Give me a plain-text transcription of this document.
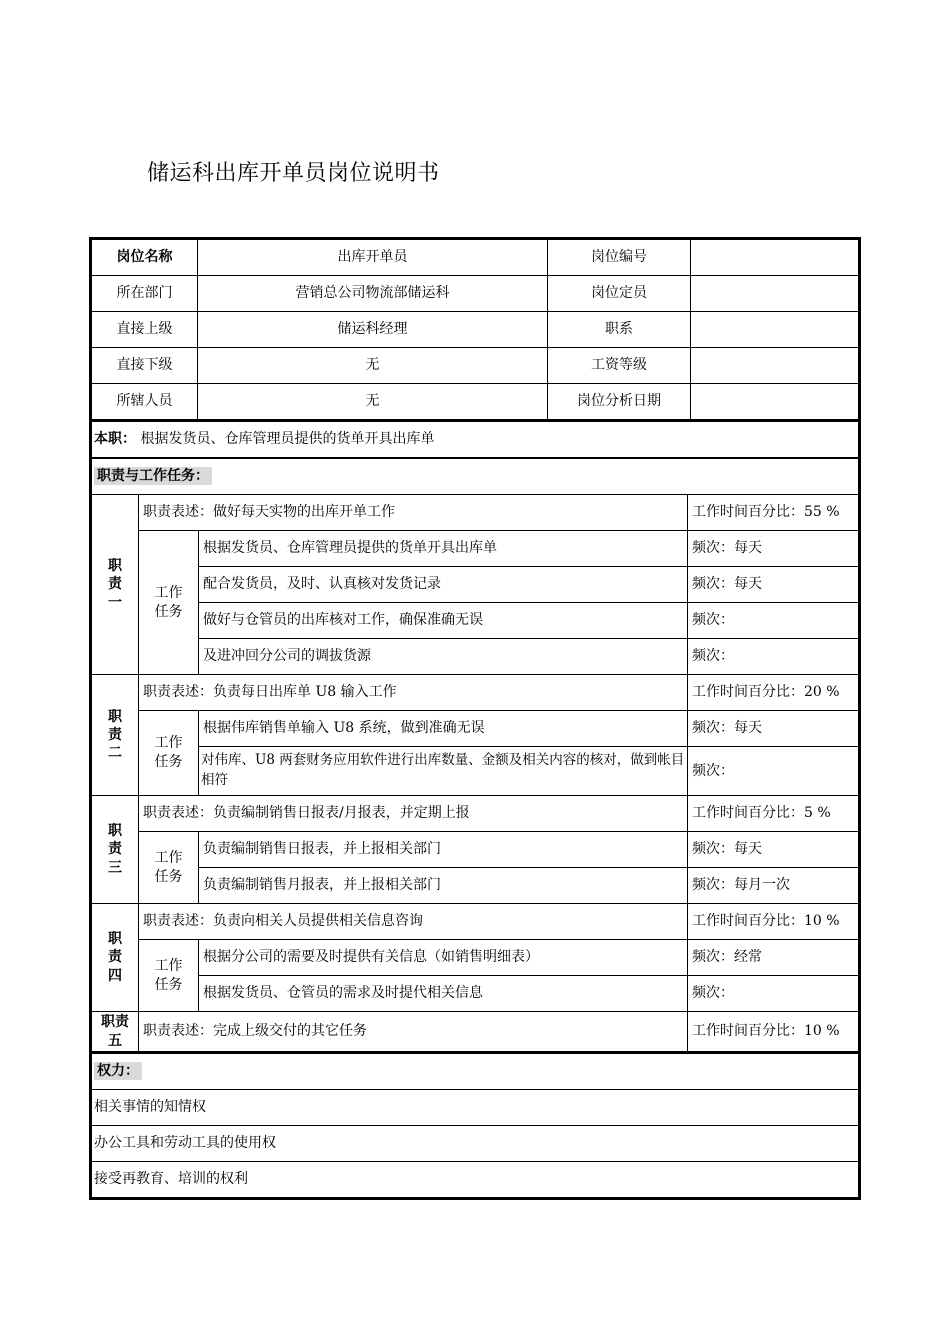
储运科出库开单员岗位说明书
岗位名称	出库开单员	岗位编号	
所在部门	营销总公司物流部储运科	岗位定员	
直接上级	储运科经理	职系	
直接下级	无	工资等级	
所辖人员	无	岗位分析日期	
本职： 根据发货员、仓库管理员提供的货单开具出库单			
职责与工作任务：			
职责一	职责表述：做好每天实物的出库开单工作		工作时间百分比：55 %
	工作任务	根据发货员、仓库管理员提供的货单开具出库单	频次：每天
		配合发货员，及时、认真核对发货记录	频次：每天
		做好与仓管员的出库核对工作，确保准确无误	频次：
		及进冲回分公司的调拔货源	频次：
职责二	职责表述：负责每日出库单 U8 输入工作		工作时间百分比：20 %
	工作任务	根据伟库销售单输入 U8 系统，做到准确无误	频次：每天
		对伟库、U8 两套财务应用软件进行出库数量、金额及相关内容的核对，做到帐目相符	频次：
职责三	职责表述：负责编制销售日报表/月报表，并定期上报		工作时间百分比：5 %
	工作任务	负责编制销售日报表，并上报相关部门	频次：每天
		负责编制销售月报表，并上报相关部门	频次：每月一次
职责四	职责表述：负责向相关人员提供相关信息咨询		工作时间百分比：10 %
	工作任务	根据分公司的需要及时提供有关信息（如销售明细表）	频次：经常
		根据发货员、仓管员的需求及时提代相关信息	频次：
职责五	职责表述：完成上级交付的其它任务		工作时间百分比：10 %
权力：
相关事情的知情权
办公工具和劳动工具的使用权
接受再教育、培训的权利
